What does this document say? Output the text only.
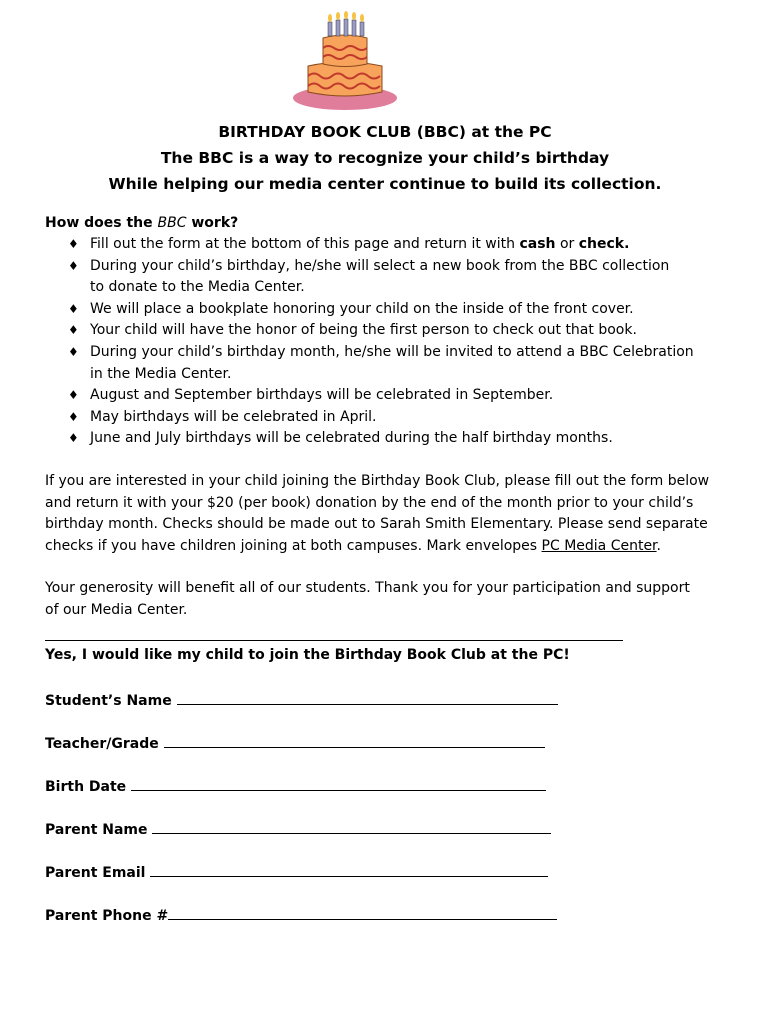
BIRTHDAY BOOK CLUB (BBC) at the PC
The BBC is a way to recognize your child’s birthday
While helping our media center continue to build its collection.

How does the BBC work?

♦ Fill out the form at the bottom of this page and return it with cash or check.
♦ During your child’s birthday, he/she will select a new book from the BBC collection
to donate to the Media Center.
♦ We will place a bookplate honoring your child on the inside of the front cover.
♦ Your child will have the honor of being the first person to check out that book.
♦ During your child’s birthday month, he/she will be invited to attend a BBC Celebration
in the Media Center.
♦ August and September birthdays will be celebrated in September.
♦ May birthdays will be celebrated in April.
♦ June and July birthdays will be celebrated during the half birthday months.

If you are interested in your child joining the Birthday Book Club, please fill out the form below
and return it with your $20 (per book) donation by the end of the month prior to your child’s
birthday month. Checks should be made out to Sarah Smith Elementary. Please send separate
checks if you have children joining at both campuses. Mark envelopes PC Media Center.

Your generosity will benefit all of our students. Thank you for your participation and support
of our Media Center.

Yes, I would like my child to join the Birthday Book Club at the PC!
Student’s Name
Teacher/Grade
Birth Date
Parent Name
Parent Email
Parent Phone #
